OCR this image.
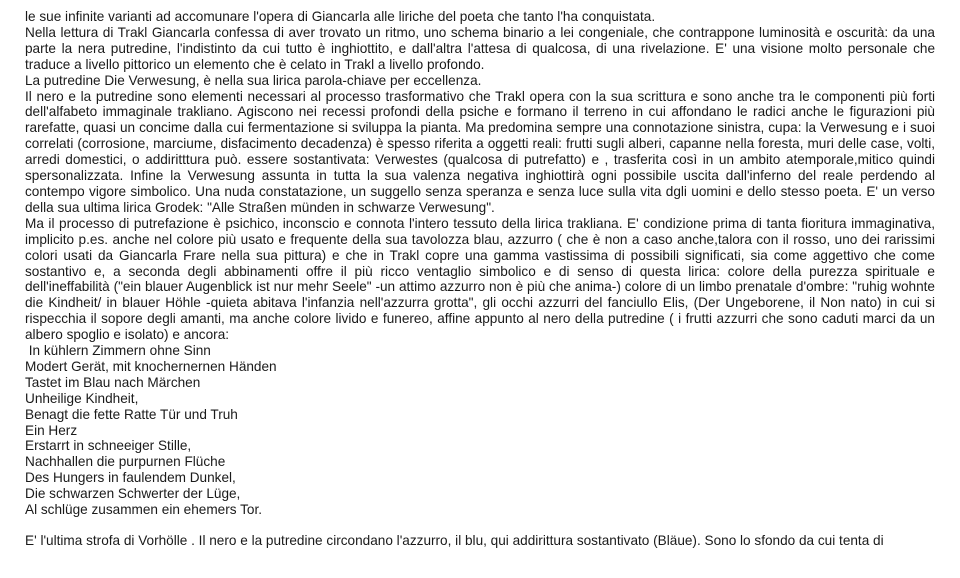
le sue infinite varianti ad accomunare l'opera di Giancarla alle liriche del poeta che tanto l'ha conquistata.

Nella lettura di Trakl Giancarla confessa di aver trovato un ritmo, uno schema binario a lei congeniale, che contrappone luminosità e oscurità: da una parte la nera putredine, l'indistinto da cui tutto è inghiottito, e dall'altra l'attesa di qualcosa, di una rivelazione. E' una visione molto personale che traduce a livello pittorico un elemento che è celato in Trakl a livello profondo.

La putredine Die Verwesung, è nella sua lirica parola-chiave per eccellenza.

Il nero e la putredine sono elementi necessari al processo trasformativo che Trakl opera con la sua scrittura e sono anche tra le componenti più forti dell'alfabeto immaginale trakliano. Agiscono nei recessi profondi della psiche e formano il terreno in cui affondano le radici anche le figurazioni più rarefatte, quasi un concime dalla cui fermentazione si sviluppa la pianta. Ma predomina sempre una connotazione sinistra, cupa: la Verwesung e i suoi correlati (corrosione, marciume, disfacimento decadenza) è spesso riferita a oggetti reali: frutti sugli alberi, capanne nella foresta, muri delle case, volti, arredi domestici, o addiritttura può. essere sostantivata: Verwestes (qualcosa di putrefatto) e , trasferita così in un ambito atemporale,mitico quindi spersonalizzata. Infine la Verwesung assunta in tutta la sua valenza negativa inghiottirà ogni possibile uscita dall'inferno del reale perdendo al contempo vigore simbolico. Una nuda constatazione, un suggello senza speranza e senza luce sulla vita dgli uomini e dello stesso poeta. E' un verso della sua ultima lirica Grodek: "Alle Straßen münden in schwarze Verwesung".

Ma il processo di putrefazione è psichico, inconscio e connota l'intero tessuto della lirica trakliana. E' condizione prima di tanta fioritura immaginativa, implicito p.es. anche nel colore più usato e frequente della sua tavolozza blau, azzurro ( che è non a caso anche,talora con il rosso, uno dei rarissimi colori usati da Giancarla Frare nella sua pittura) e che in Trakl copre una gamma vastissima di possibili significati, sia come aggettivo che come sostantivo e, a seconda degli abbinamenti offre il più ricco ventaglio simbolico e di senso di questa lirica: colore della purezza spirituale e dell'ineffabilità ("ein blauer Augenblick ist nur mehr Seele" -un attimo azzurro non è più che anima-) colore di un limbo prenatale d'ombre: "ruhig wohnte die Kindheit/ in blauer Höhle -quieta abitava l'infanzia nell'azzurra grotta", gli occhi azzurri del fanciullo Elis, (Der Ungeborene, il Non nato) in cui si rispecchia il sopore degli amanti, ma anche colore livido e funereo, affine appunto al nero della putredine ( i frutti azzurri che sono caduti marci da un albero spoglio e isolato) e ancora:

In kühlern Zimmern ohne Sinn

Modert Gerät, mit knochernernen Händen

Tastet im Blau nach Märchen

Unheilige Kindheit,

Benagt die fette Ratte Tür und Truh

Ein Herz

Erstarrt in schneeiger Stille,

Nachhallen die purpurnen Flüche

Des Hungers in faulendem Dunkel,

Die schwarzen Schwerter der Lüge,

Al schlüge zusammen ein ehemers Tor.

E' l'ultima strofa di Vorhölle . Il nero e la putredine circondano l'azzurro, il blu, qui addirittura sostantivato (Bläue). Sono lo sfondo da cui tenta di
